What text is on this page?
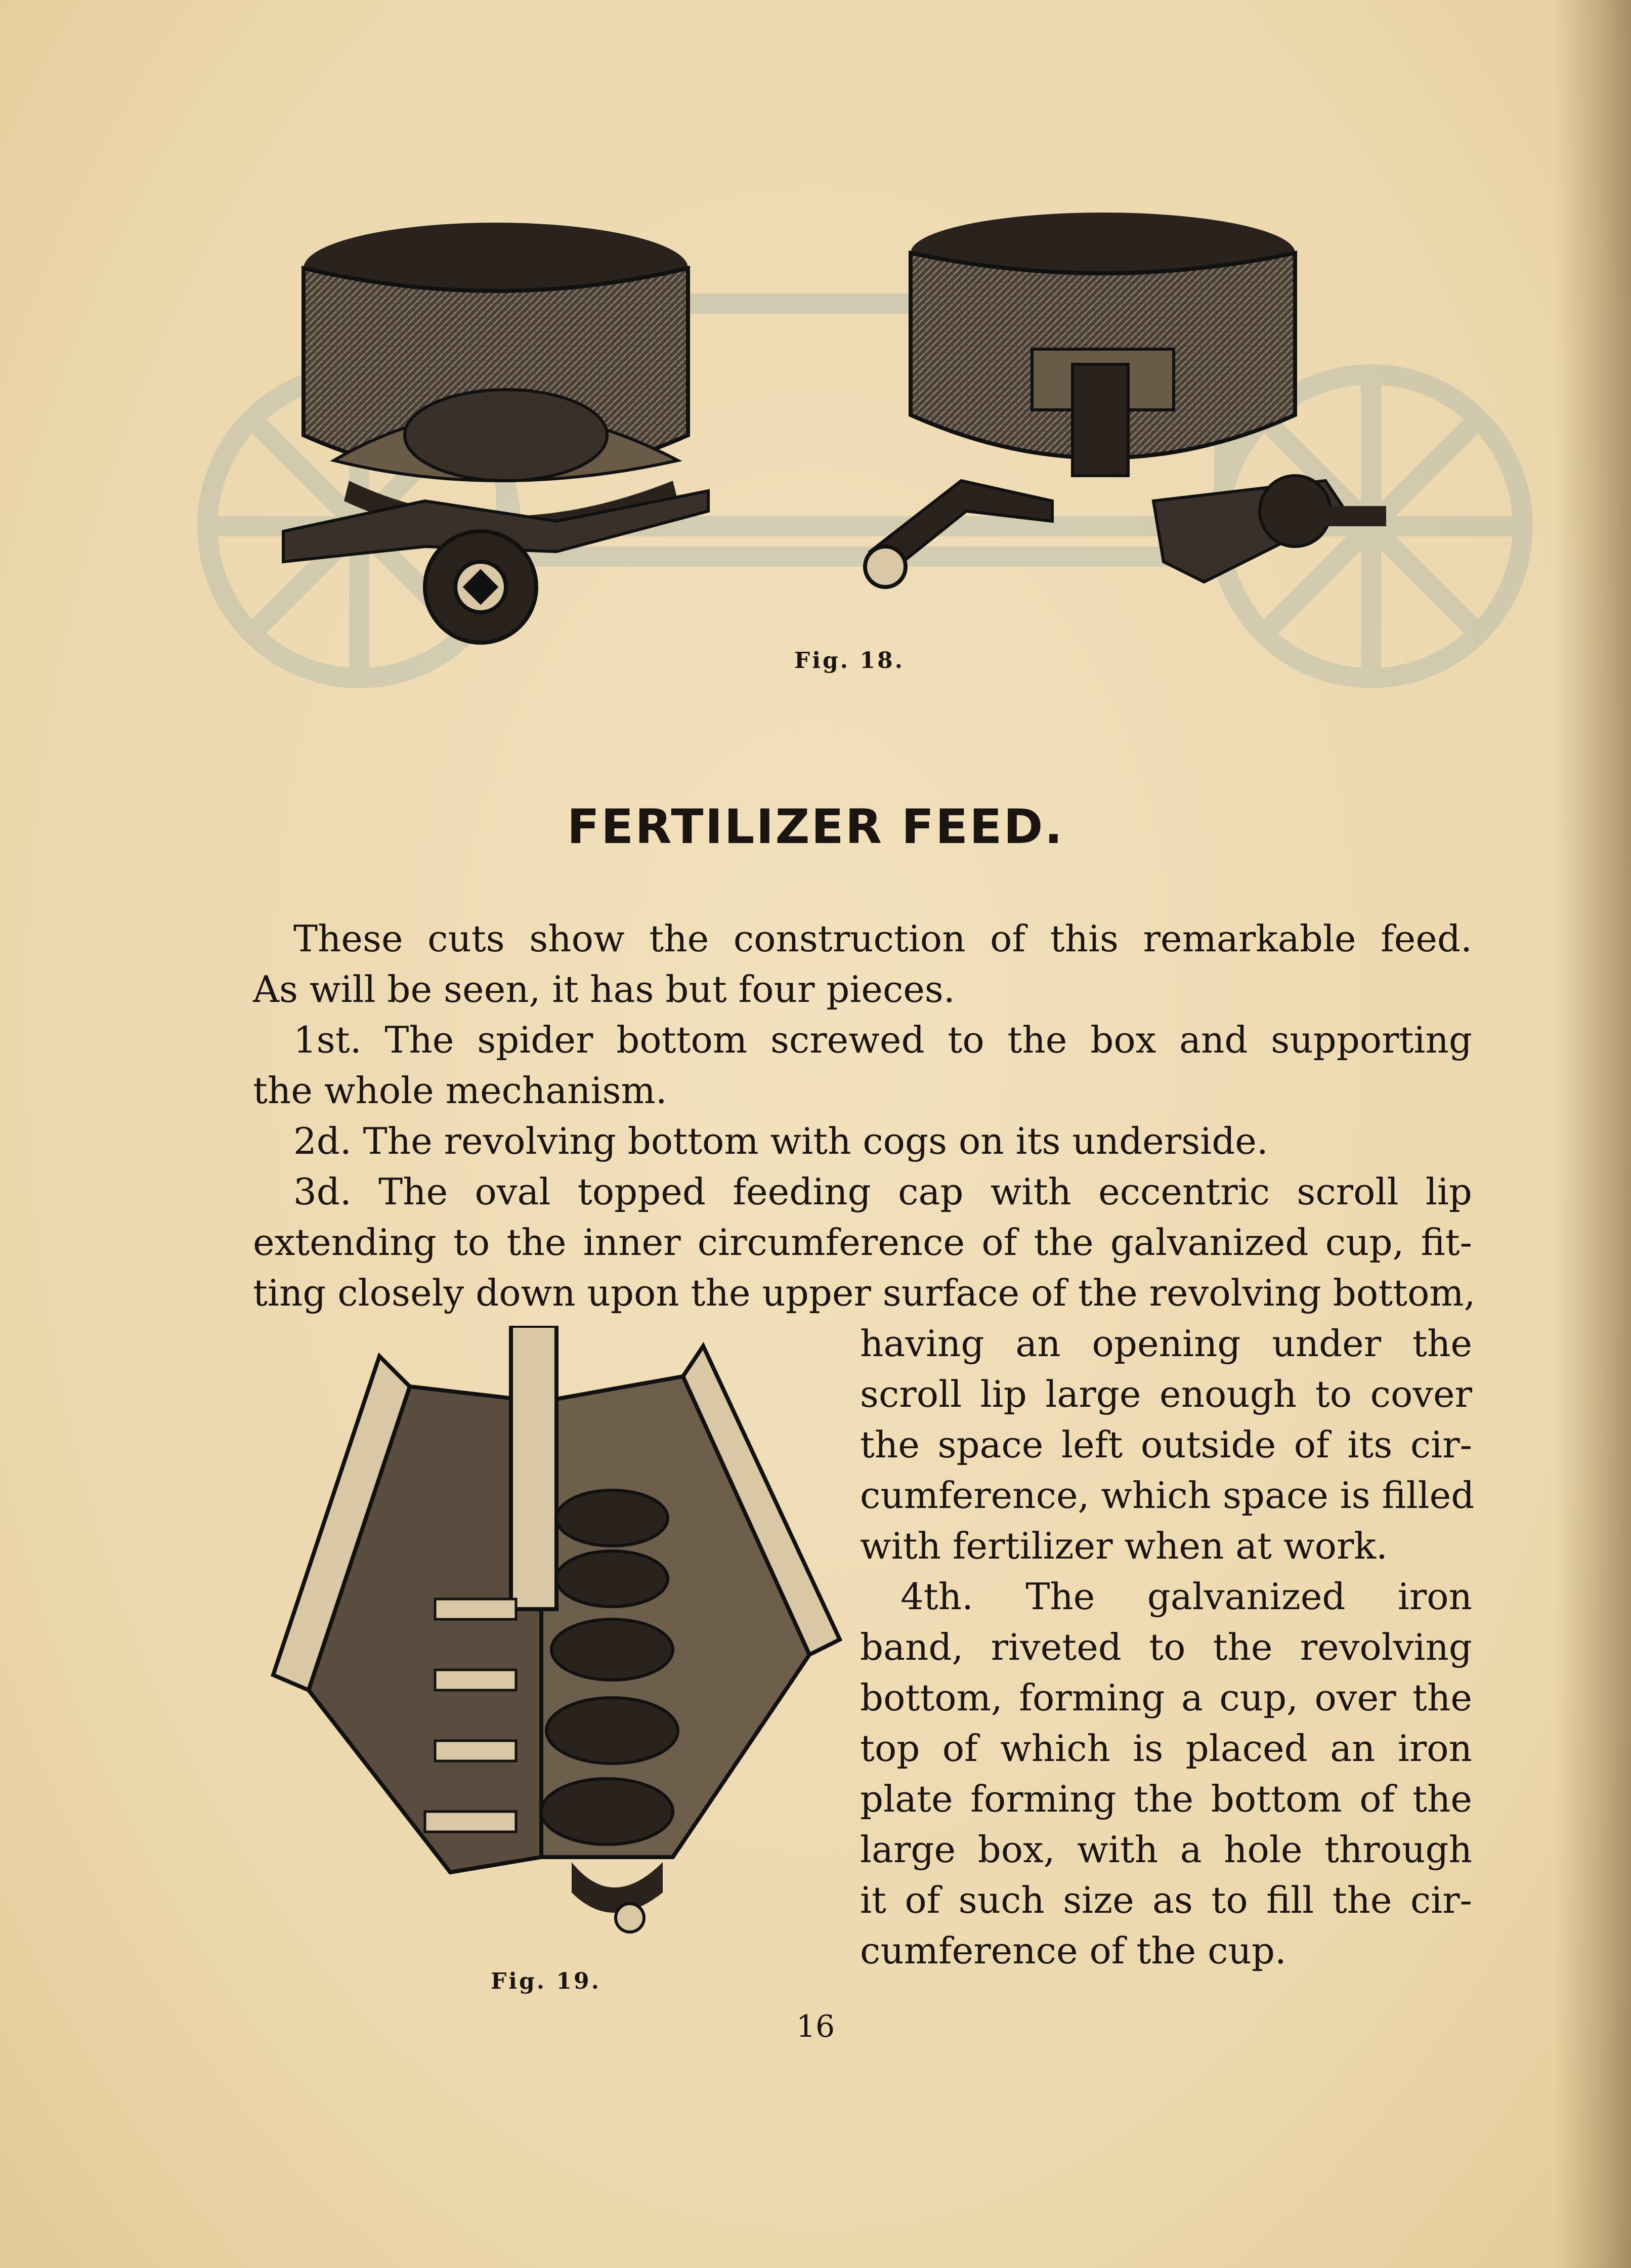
Fig. 18.
FERTILIZER FEED.
These cuts show the construction of this remarkable feed.
As will be seen, it has but four pieces.
1st. The spider bottom screwed to the box and supporting
the whole mechanism.
2d. The revolving bottom with cogs on its underside.
3d. The oval topped feeding cap with eccentric scroll lip
extending to the inner circumference of the galvanized cup, fit-
ting closely down upon the upper surface of the revolving bottom,
Fig. 19.
having an opening under the
scroll lip large enough to cover
the space left outside of its cir-
cumference, which space is filled
with fertilizer when at work.
4th. The galvanized iron
band, riveted to the revolving
bottom, forming a cup, over the
top of which is placed an iron
plate forming the bottom of the
large box, with a hole through
it of such size as to fill the cir-
cumference of the cup.
16
